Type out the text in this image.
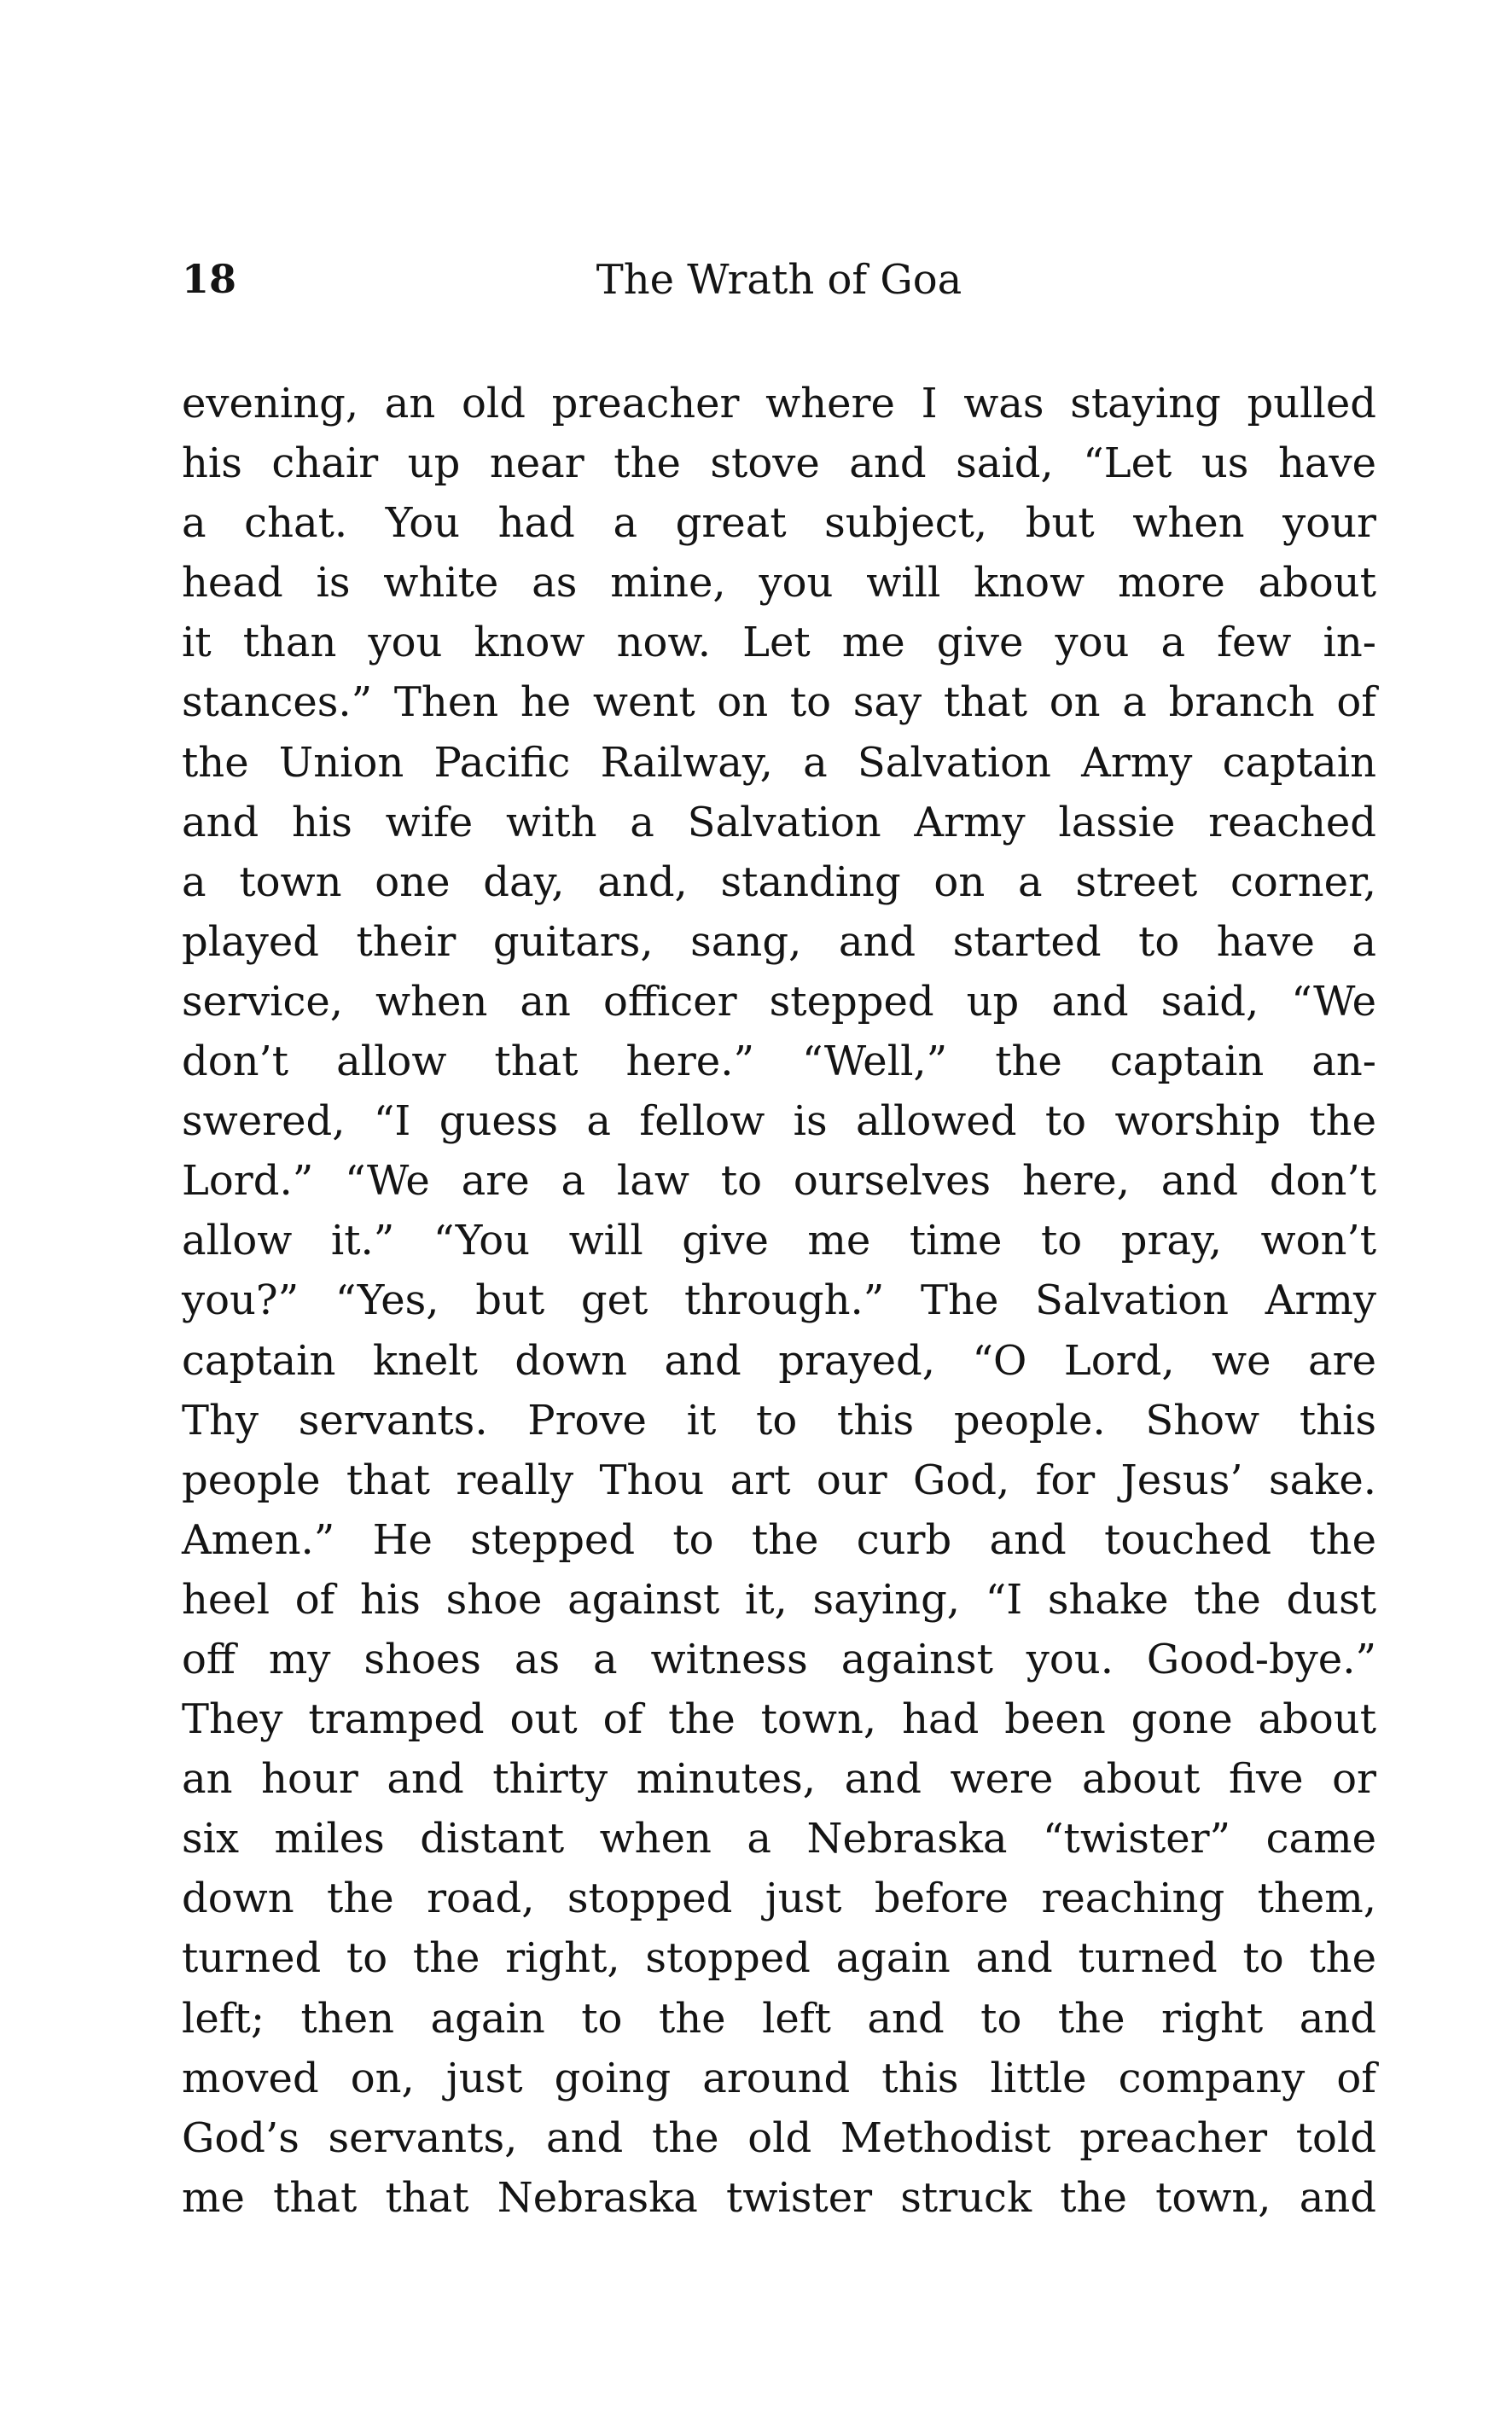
18	The Wrath of Goa
evening, an old preacher where I was staying pulled
his chair up near the stove and said, “Let us have
a chat. You had a great subject, but when your
head is white as mine, you will know more about
it than you know now. Let me give you a few in-
stances.” Then he went on to say that on a branch of
the Union Pacific Railway, a Salvation Army captain
and his wife with a Salvation Army lassie reached
a town one day, and, standing on a street corner,
played their guitars, sang, and started to have a
service, when an officer stepped up and said, “We
don’t allow that here.” “Well,” the captain an-
swered, “I guess a fellow is allowed to worship the
Lord.” “We are a law to ourselves here, and don’t
allow it.” “You will give me time to pray, won’t
you?” “Yes, but get through.” The Salvation Army
captain knelt down and prayed, “O Lord, we are
Thy servants. Prove it to this people. Show this
people that really Thou art our God, for Jesus’ sake.
Amen.” He stepped to the curb and touched the
heel of his shoe against it, saying, “I shake the dust
off my shoes as a witness against you. Good-bye.”
They tramped out of the town, had been gone about
an hour and thirty minutes, and were about five or
six miles distant when a Nebraska “twister” came
down the road, stopped just before reaching them,
turned to the right, stopped again and turned to the
left; then again to the left and to the right and
moved on, just going around this little company of
God’s servants, and the old Methodist preacher told
me that that Nebraska twister struck the town, and
